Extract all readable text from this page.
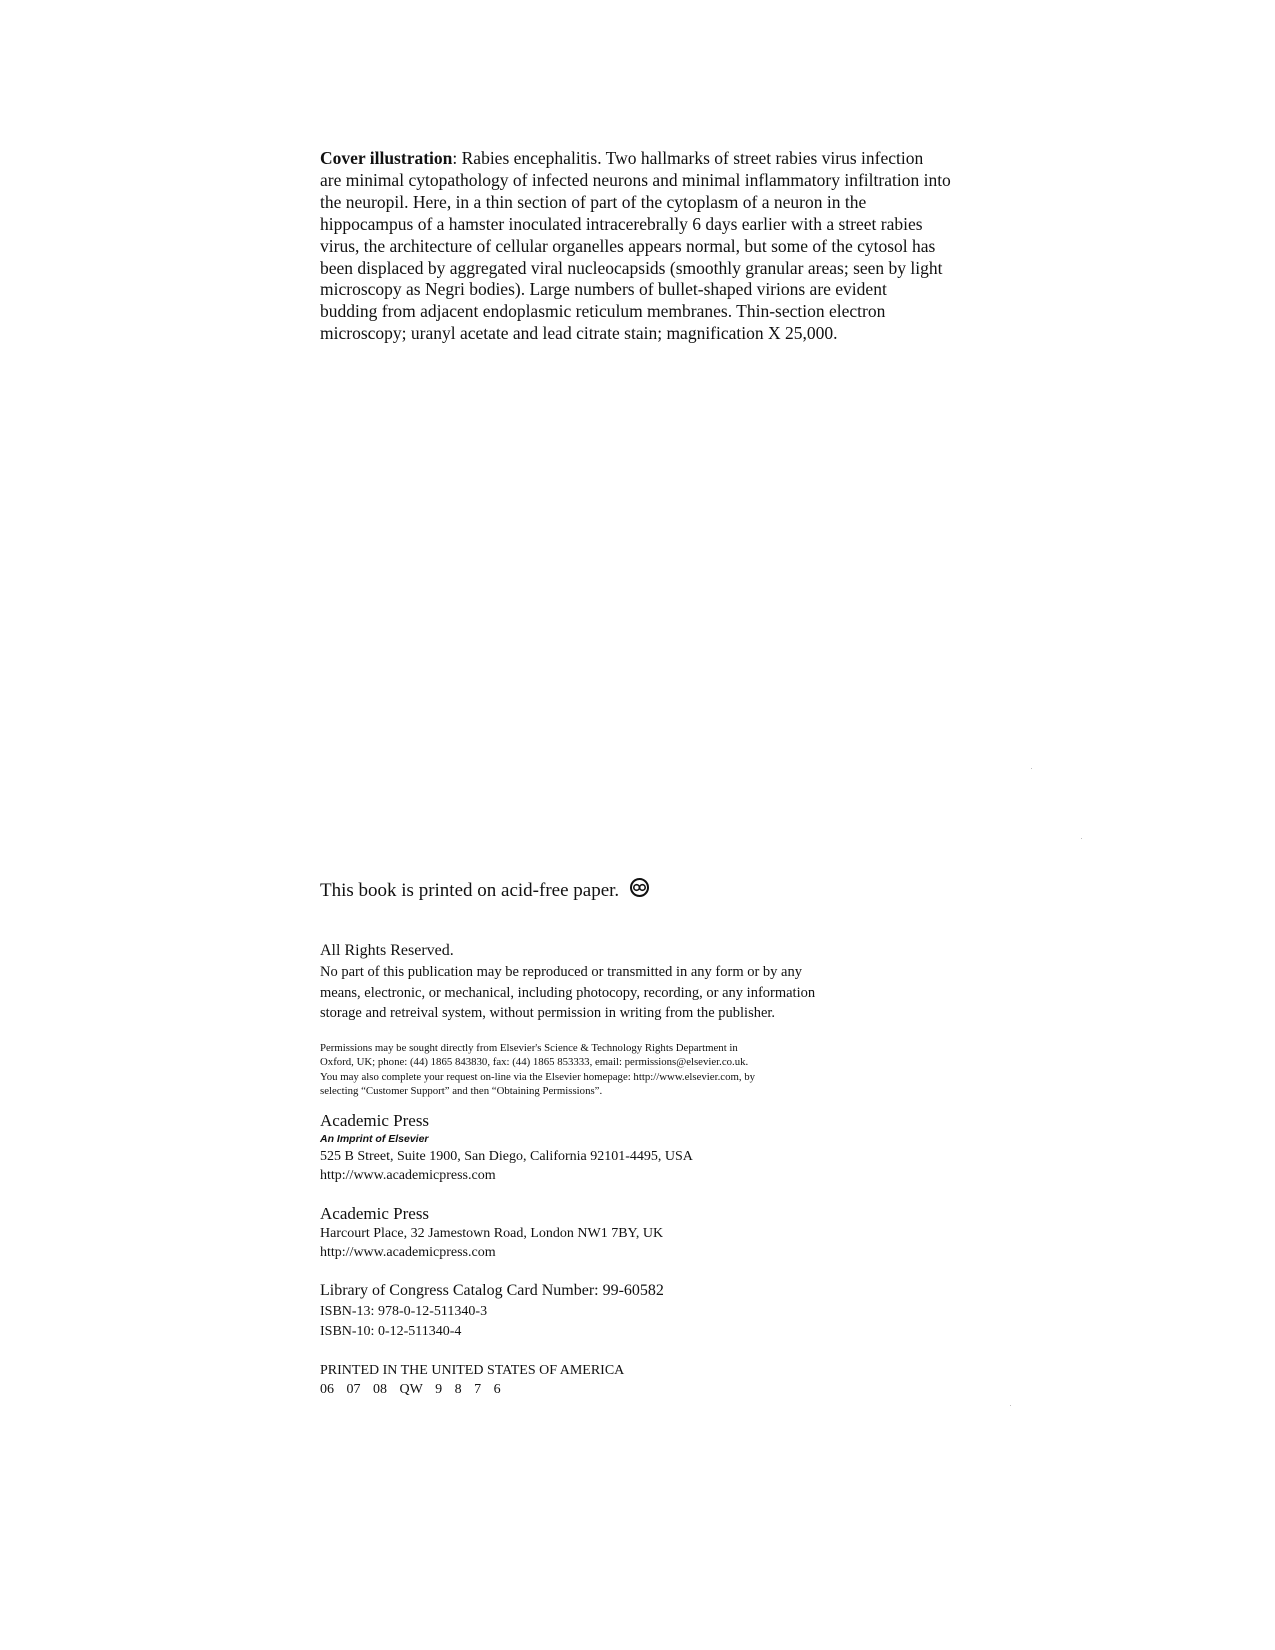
Cover illustration: Rabies encephalitis. Two hallmarks of street rabies virus infection
are minimal cytopathology of infected neurons and minimal inflammatory infiltration into
the neuropil. Here, in a thin section of part of the cytoplasm of a neuron in the
hippocampus of a hamster inoculated intracerebrally 6 days earlier with a street rabies
virus, the architecture of cellular organelles appears normal, but some of the cytosol has
been displaced by aggregated viral nucleocapsids (smoothly granular areas; seen by light
microscopy as Negri bodies). Large numbers of bullet-shaped virions are evident
budding from adjacent endoplasmic reticulum membranes. Thin-section electron
microscopy; uranyl acetate and lead citrate stain; magnification X 25,000.
This book is printed on acid-free paper.
All Rights Reserved.
No part of this publication may be reproduced or transmitted in any form or by any
means, electronic, or mechanical, including photocopy, recording, or any information
storage and retreival system, without permission in writing from the publisher.
Permissions may be sought directly from Elsevier's Science & Technology Rights Department in
Oxford, UK; phone: (44) 1865 843830, fax: (44) 1865 853333, email: permissions@elsevier.co.uk.
You may also complete your request on-line via the Elsevier homepage: http://www.elsevier.com, by
selecting “Customer Support” and then “Obtaining Permissions”.
Academic Press
An Imprint of Elsevier
525 B Street, Suite 1900, San Diego, California 92101-4495, USA
http://www.academicpress.com
Academic Press
Harcourt Place, 32 Jamestown Road, London NW1 7BY, UK
http://www.academicpress.com
Library of Congress Catalog Card Number: 99-60582
ISBN-13: 978-0-12-511340-3
ISBN-10: 0-12-511340-4
PRINTED IN THE UNITED STATES OF AMERICA
06 07 08 QW 9 8 7 6
